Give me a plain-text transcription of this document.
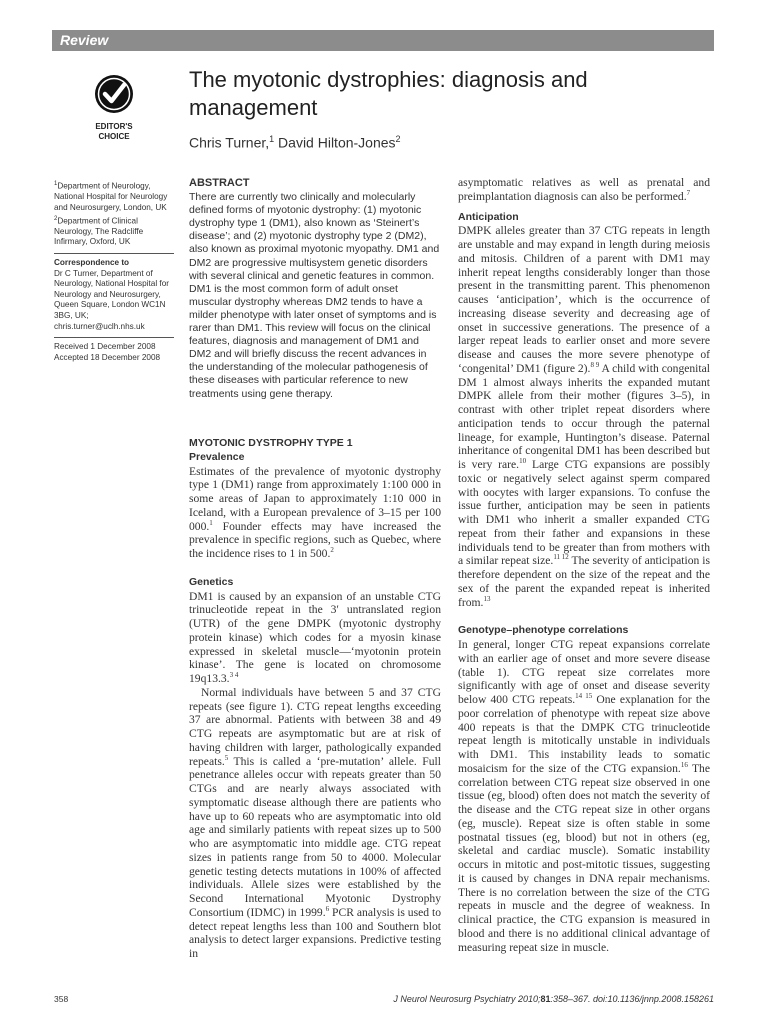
Review
EDITOR'S
CHOICE
The myotonic dystrophies: diagnosis and management
Chris Turner,$^1$ David Hilton-Jones$^2$

$^1$Department of Neurology, National Hospital for Neurology and Neurosurgery, London, UK

$^2$Department of Clinical Neurology, The Radcliffe Infirmary, Oxford, UK

Correspondence to

Dr C Turner, Department of Neurology, National Hospital for Neurology and Neurosurgery, Queen Square, London WC1N 3BG, UK;

chris.turner@uclh.nhs.uk

Received 1 December 2008

Accepted 18 December 2008

ABSTRACT

There are currently two clinically and molecularly defined forms of myotonic dystrophy: (1) myotonic dystrophy type 1 (DM1), also known as ‘Steinert’s disease’; and (2) myotonic dystrophy type 2 (DM2), also known as proximal myotonic myopathy. DM1 and DM2 are progressive multisystem genetic disorders with several clinical and genetic features in common. DM1 is the most common form of adult onset muscular dystrophy whereas DM2 tends to have a milder phenotype with later onset of symptoms and is rarer than DM1. This review will focus on the clinical features, diagnosis and management of DM1 and DM2 and will briefly discuss the recent advances in the understanding of the molecular pathogenesis of these diseases with particular reference to new treatments using gene therapy.

MYOTONIC DYSTROPHY TYPE 1

Prevalence

Estimates of the prevalence of myotonic dystrophy type 1 (DM1) range from approximately 1:100 000 in some areas of Japan to approximately 1:10 000 in Iceland, with a European prevalence of 3–15 per 100 000.$^1$ Founder effects may have increased the prevalence in specific regions, such as Quebec, where the incidence rises to 1 in 500.$^2$

Genetics

DM1 is caused by an expansion of an unstable CTG trinucleotide repeat in the 3′ untranslated region (UTR) of the gene DMPK (myotonic dystrophy protein kinase) which codes for a myosin kinase expressed in skeletal muscle—‘myotonin protein kinase’. The gene is located on chromosome 19q13.3.$^{3 4}$

Normal individuals have between 5 and 37 CTG repeats (see figure 1). CTG repeat lengths exceeding 37 are abnormal. Patients with between 38 and 49 CTG repeats are asymptomatic but are at risk of having children with larger, pathologically expanded repeats.$^5$ This is called a ‘pre-mutation’ allele. Full penetrance alleles occur with repeats greater than 50 CTGs and are nearly always associated with symptomatic disease although there are patients who have up to 60 repeats who are asymptomatic into old age and similarly patients with repeat sizes up to 500 who are asymptomatic into middle age. CTG repeat sizes in patients range from 50 to 4000. Molecular genetic testing detects mutations in 100% of affected individuals. Allele sizes were established by the Second International Myotonic Dystrophy Consortium (IDMC) in 1999.$^6$ PCR analysis is used to detect repeat lengths less than 100 and Southern blot analysis to detect larger expansions. Predictive testing in

asymptomatic relatives as well as prenatal and preimplantation diagnosis can also be performed.$^7$

Anticipation

DMPK alleles greater than 37 CTG repeats in length are unstable and may expand in length during meiosis and mitosis. Children of a parent with DM1 may inherit repeat lengths considerably longer than those present in the transmitting parent. This phenomenon causes ‘anticipation’, which is the occurrence of increasing disease severity and decreasing age of onset in successive generations. The presence of a larger repeat leads to earlier onset and more severe disease and causes the more severe phenotype of ‘congenital’ DM1 (figure 2).$^{8 9}$ A child with congenital DM 1 almost always inherits the expanded mutant DMPK allele from their mother (figures 3–5), in contrast with other triplet repeat disorders where anticipation tends to occur through the paternal lineage, for example, Huntington’s disease. Paternal inheritance of congenital DM1 has been described but is very rare.$^{10}$ Large CTG expansions are possibly toxic or negatively select against sperm compared with oocytes with larger expansions. To confuse the issue further, anticipation may be seen in patients with DM1 who inherit a smaller expanded CTG repeat from their father and expansions in these individuals tend to be greater than from mothers with a similar repeat size.$^{11 12}$ The severity of anticipation is therefore dependent on the size of the repeat and the sex of the parent the expanded repeat is inherited from.$^{13}$

Genotype–phenotype correlations

In general, longer CTG repeat expansions correlate with an earlier age of onset and more severe disease (table 1). CTG repeat size correlates more significantly with age of onset and disease severity below 400 CTG repeats.$^{14 15}$ One explanation for the poor correlation of phenotype with repeat size above 400 repeats is that the DMPK CTG trinucleotide repeat length is mitotically unstable in individuals with DM1. This instability leads to somatic mosaicism for the size of the CTG expansion.$^{16}$ The correlation between CTG repeat size observed in one tissue (eg, blood) often does not match the severity of the disease and the CTG repeat size in other organs (eg, muscle). Repeat size is often stable in some postnatal tissues (eg, blood) but not in others (eg, skeletal and cardiac muscle). Somatic instability occurs in mitotic and post-mitotic tissues, suggesting it is caused by changes in DNA repair mechanisms. There is no correlation between the size of the CTG repeats in muscle and the degree of weakness. In clinical practice, the CTG expansion is measured in blood and there is no additional clinical advantage of measuring repeat size in muscle.

358	J Neurol Neurosurg Psychiatry 2010;81:358–367. doi:10.1136/jnnp.2008.158261
